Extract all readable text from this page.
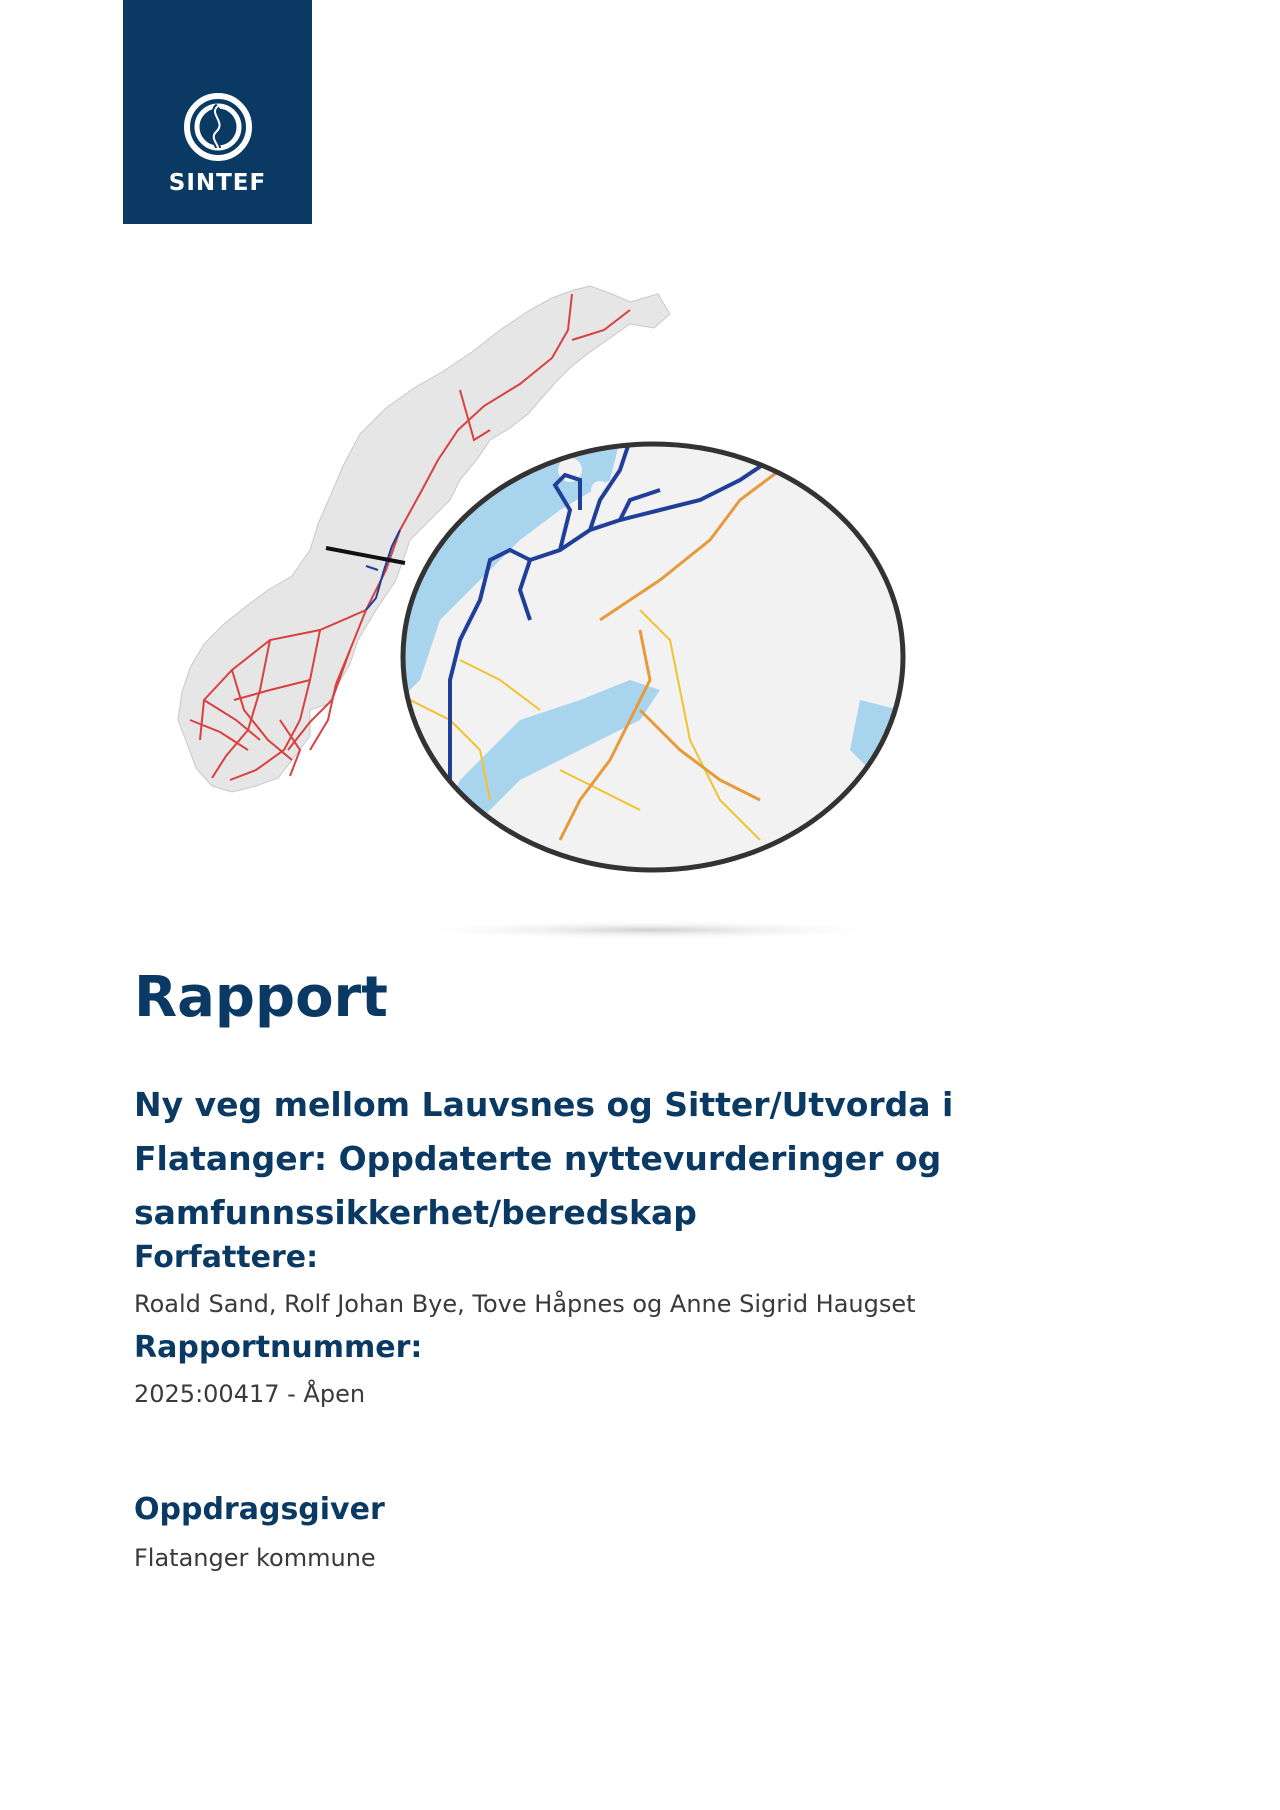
SINTEF
Rapport
Ny veg mellom Lauvsnes og Sitter/Utvorda i
Flatanger: Oppdaterte nyttevurderinger og
samfunnssikkerhet/beredskap
Forfattere:
Roald Sand, Rolf Johan Bye, Tove Håpnes og Anne Sigrid Haugset
Rapportnummer:
2025:00417 - Åpen
Oppdragsgiver
Flatanger kommune
